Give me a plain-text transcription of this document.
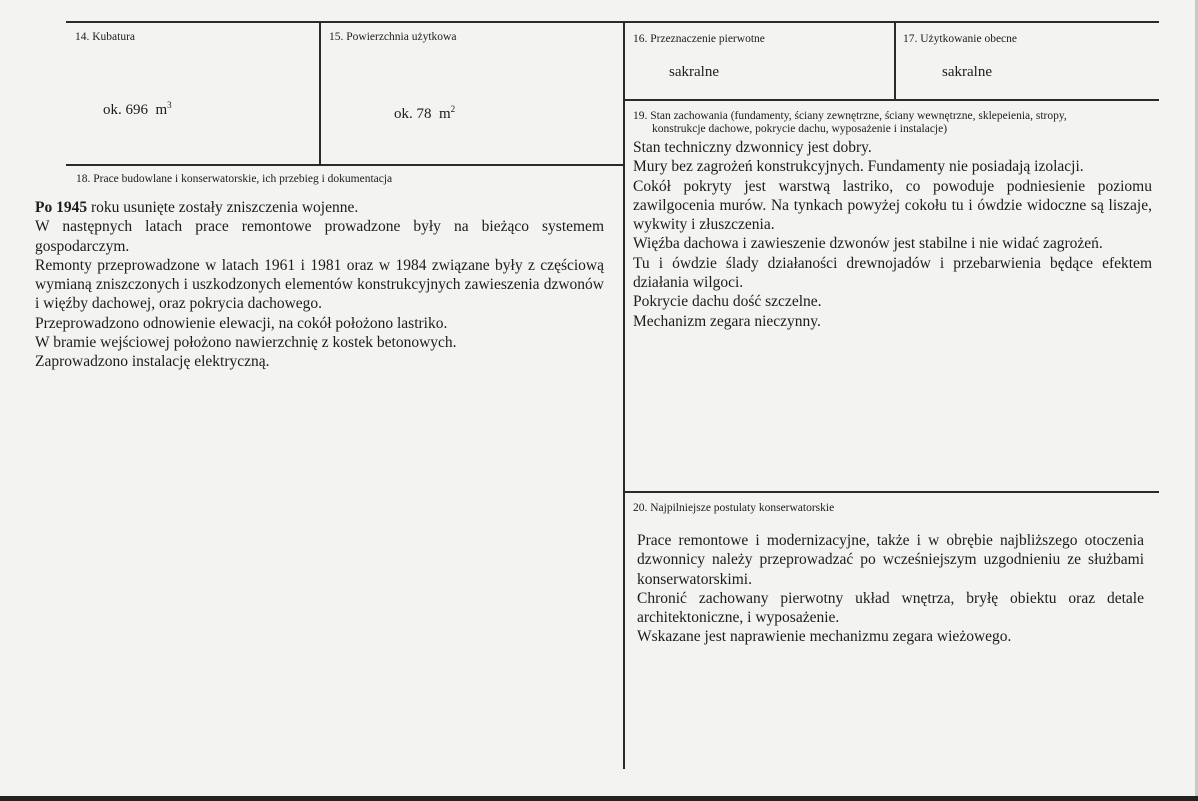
14. Kubatura
ok. 696 $m^3$
15. Powierzchnia użytkowa
ok. 78 $m^2$
16. Przeznaczenie pierwotne
sakralne
17. Użytkowanie obecne
sakralne
18. Prace budowlane i konserwatorskie, ich przebieg i dokumentacja

Po 1945 roku usunięte zostały zniszczenia wojenne.

W następnych latach prace remontowe prowadzone były na bieżąco systemem gospodarczym.

Remonty przeprowadzone w latach 1961 i 1981 oraz w 1984 związane były z częściową wymianą zniszczonych i uszkodzonych elementów konstrukcyjnych zawieszenia dzwonów i więźby dachowej, oraz pokrycia dachowego.

Przeprowadzono odnowienie elewacji, na cokół położono lastriko.

W bramie wejściowej położono nawierzchnię z kostek betonowych.

Zaprowadzono instalację elektryczną.

19. Stan zachowania (fundamenty, ściany zewnętrzne, ściany wewnętrzne, sklepeienia, stropy,
konstrukcje dachowe, pokrycie dachu, wyposażenie i instalacje)

Stan techniczny dzwonnicy jest dobry.

Mury bez zagrożeń konstrukcyjnych. Fundamenty nie posiadają izolacji.

Cokół pokryty jest warstwą lastriko, co powoduje podniesienie poziomu zawilgocenia murów. Na tynkach powyżej cokołu tu i ówdzie widoczne są liszaje, wykwity i złuszczenia.

Więźba dachowa i zawieszenie dzwonów jest stabilne i nie widać zagrożeń.

Tu i ówdzie ślady działaności drewnojadów i przebarwienia będące efektem działania wilgoci.

Pokrycie dachu dość szczelne.

Mechanizm zegara nieczynny.

20. Najpilniejsze postulaty konserwatorskie

Prace remontowe i modernizacyjne, także i w obrębie najbliższego otoczenia dzwonnicy należy przeprowadzać po wcześniejszym uzgodnieniu ze służbami konserwatorskimi.

Chronić zachowany pierwotny układ wnętrza, bryłę obiektu oraz detale architektoniczne, i wyposażenie.

Wskazane jest naprawienie mechanizmu zegara wieżowego.
